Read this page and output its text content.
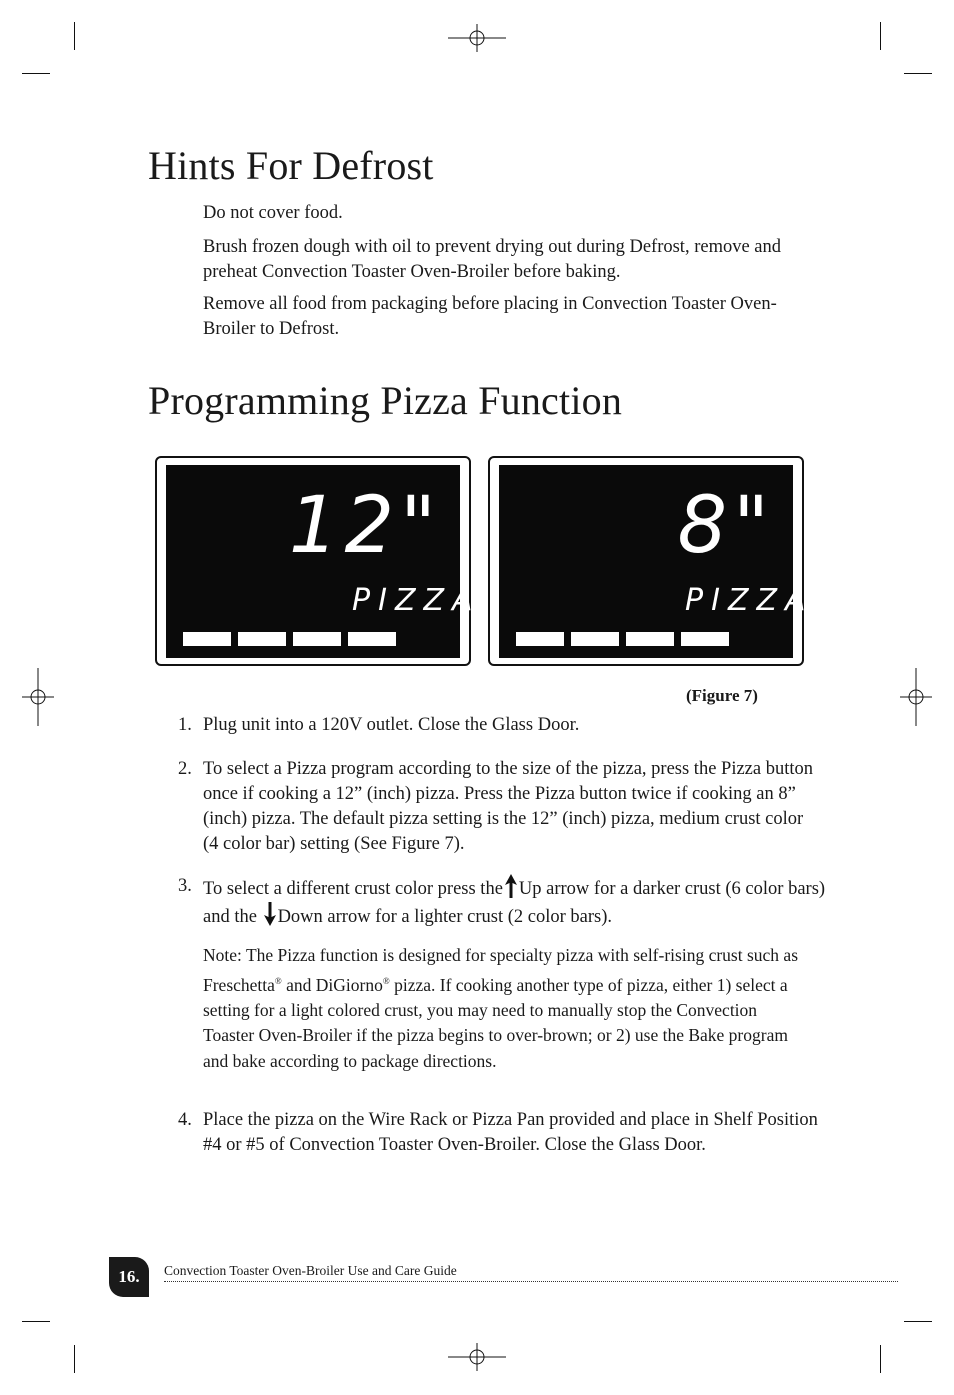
Hints For Defrost

Do not cover food.

Brush frozen dough with oil to prevent drying out during Defrost, remove and preheat Convection Toaster Oven-Broiler before baking.

Remove all food from packaging before placing in Convection Toaster Oven-Broiler to Defrost.

Programming Pizza Function
12"
PIZZA
8"
PIZZA
(Figure 7)
1. Plug unit into a 120V outlet. Close the Glass Door.
2. To select a Pizza program according to the size of the pizza, press the Pizza button once if cooking a 12” (inch) pizza. Press the Pizza button twice if cooking an 8” (inch) pizza. The default pizza setting is the 12” (inch) pizza, medium crust color (4 color bar) setting (See Figure 7).
3. To select a different crust color press the Up arrow for a darker crust (6 color bars) and the Down arrow for a lighter crust (2 color bars).
Note: The Pizza function is designed for specialty pizza with self-rising crust such as Freschetta® and DiGiorno® pizza. If cooking another type of pizza, either 1) select a setting for a light colored crust, you may need to manually stop the Convection Toaster Oven-Broiler if the pizza begins to over-brown; or 2) use the Bake program and bake according to package directions.
4. Place the pizza on the Wire Rack or Pizza Pan provided and place in Shelf Position #4 or #5 of Convection Toaster Oven-Broiler. Close the Glass Door.
16.	Convection Toaster Oven-Broiler Use and Care Guide
